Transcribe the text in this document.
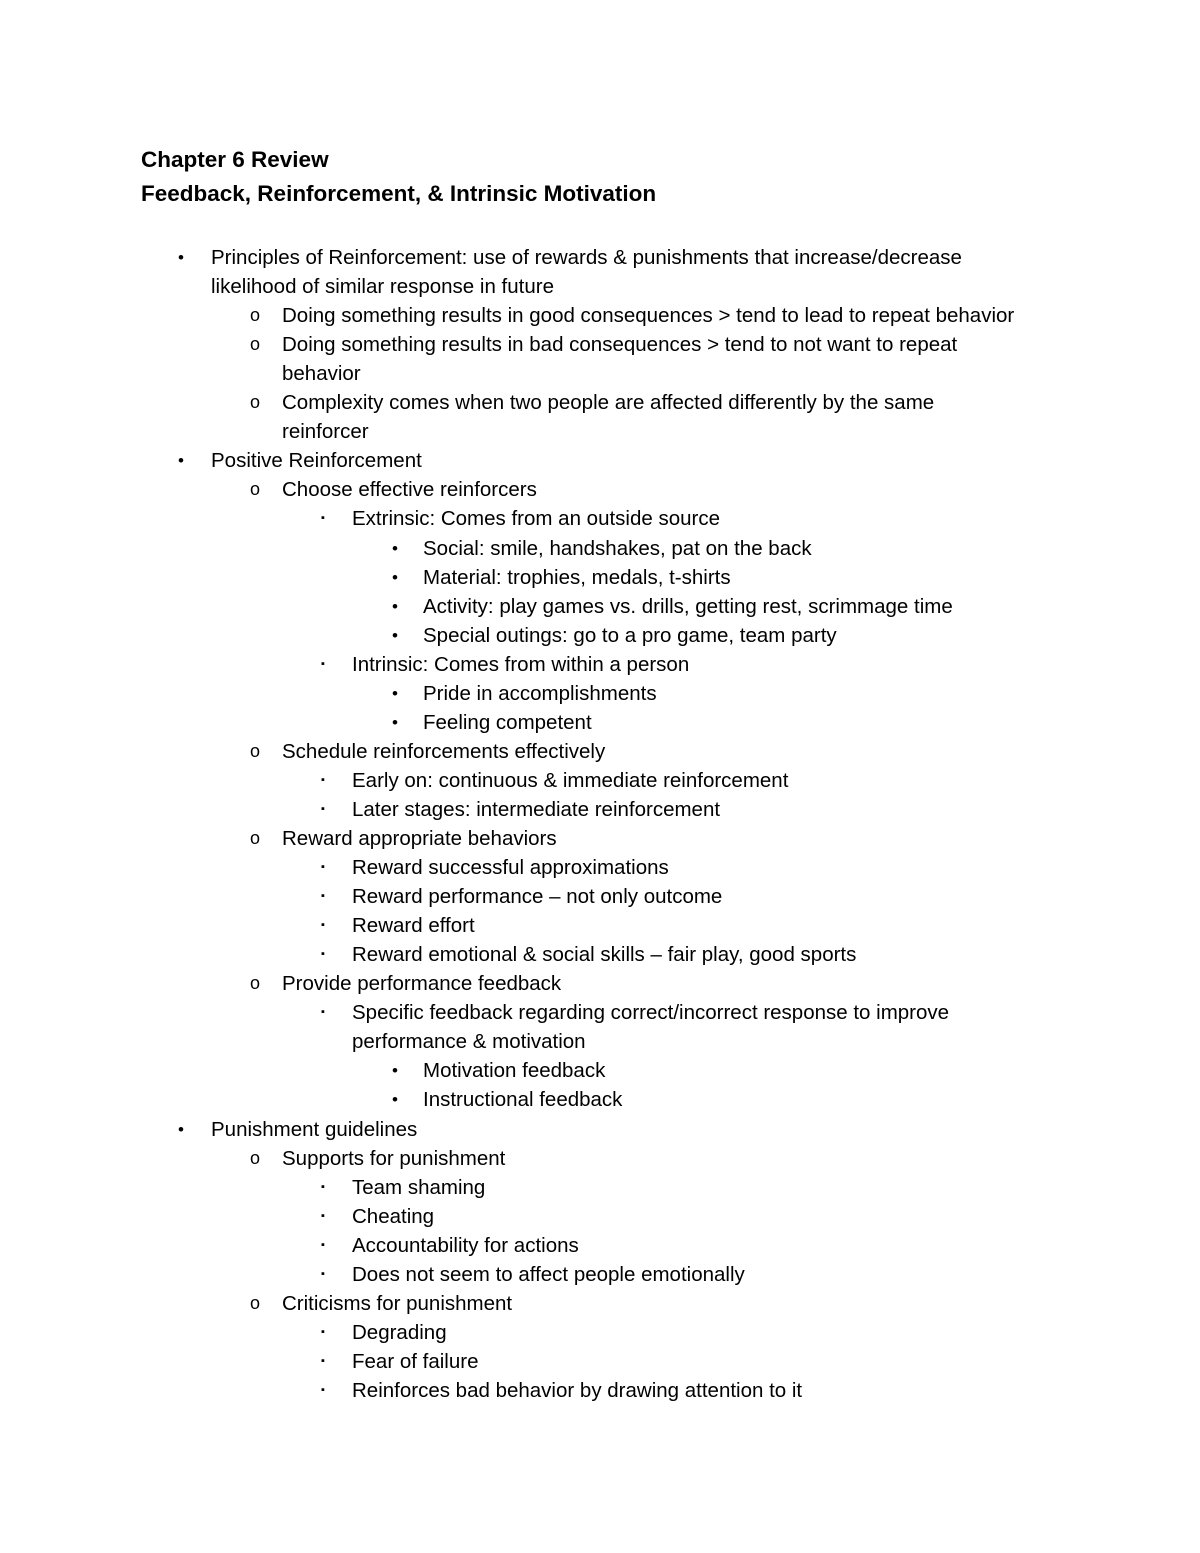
Chapter 6 Review
Feedback, Reinforcement, & Intrinsic Motivation
• Principles of Reinforcement: use of rewards & punishments that increase/decrease
likelihood of similar response in future
o Doing something results in good consequences > tend to lead to repeat behavior
o Doing something results in bad consequences > tend to not want to repeat
behavior
o Complexity comes when two people are affected differently by the same
reinforcer
• Positive Reinforcement
o Choose effective reinforcers
▪ Extrinsic: Comes from an outside source
• Social: smile, handshakes, pat on the back
• Material: trophies, medals, t-shirts
• Activity: play games vs. drills, getting rest, scrimmage time
• Special outings: go to a pro game, team party
▪ Intrinsic: Comes from within a person
• Pride in accomplishments
• Feeling competent
o Schedule reinforcements effectively
▪ Early on: continuous & immediate reinforcement
▪ Later stages: intermediate reinforcement
o Reward appropriate behaviors
▪ Reward successful approximations
▪ Reward performance – not only outcome
▪ Reward effort
▪ Reward emotional & social skills – fair play, good sports
o Provide performance feedback
▪ Specific feedback regarding correct/incorrect response to improve
performance & motivation
• Motivation feedback
• Instructional feedback
• Punishment guidelines
o Supports for punishment
▪ Team shaming
▪ Cheating
▪ Accountability for actions
▪ Does not seem to affect people emotionally
o Criticisms for punishment
▪ Degrading
▪ Fear of failure
▪ Reinforces bad behavior by drawing attention to it
